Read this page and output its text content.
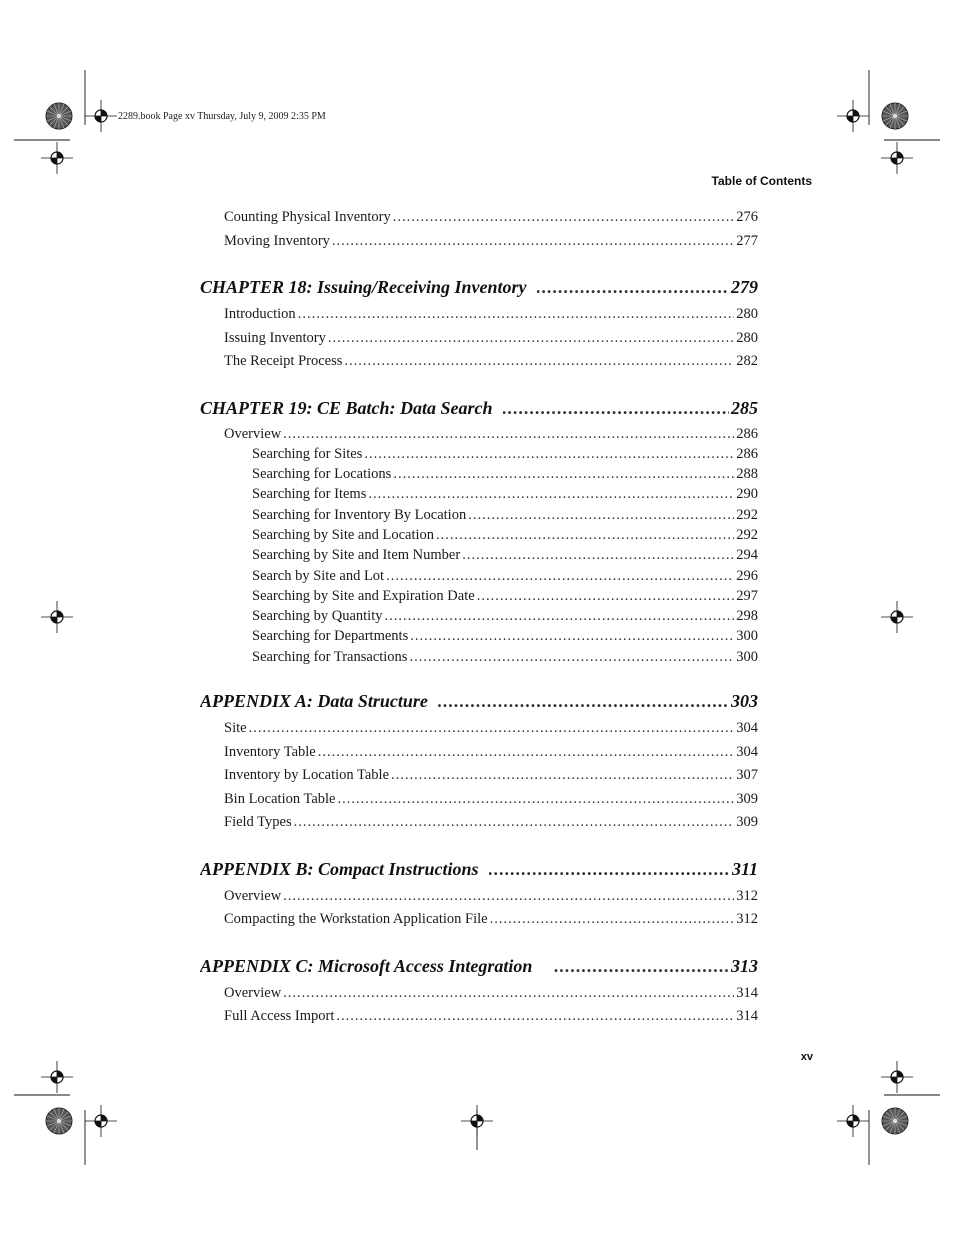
2289.book Page xv Thursday, July 9, 2009 2:35 PM
Table of Contents
Counting Physical Inventory .....	276
Moving Inventory .....	277
CHAPTER 18: Issuing/Receiving Inventory .....	279
Introduction .....	280
Issuing Inventory .....	280
The Receipt Process .....	282
CHAPTER 19: CE Batch: Data Search .....	285
Overview .....	286
Searching for Sites .....	286
Searching for Locations .....	288
Searching for Items .....	290
Searching for Inventory By Location .....	292
Searching by Site and Location .....	292
Searching by Site and Item Number .....	294
Search by Site and Lot .....	296
Searching by Site and Expiration Date .....	297
Searching by Quantity .....	298
Searching for Departments .....	300
Searching for Transactions .....	300
APPENDIX A: Data Structure .....	303
Site .....	304
Inventory Table .....	304
Inventory by Location Table .....	307
Bin Location Table .....	309
Field Types .....	309
APPENDIX B: Compact Instructions .....	311
Overview .....	312
Compacting the Workstation Application File .....	312
APPENDIX C: Microsoft Access Integration .....	313
Overview .....	314
Full Access Import .....	314
xv
